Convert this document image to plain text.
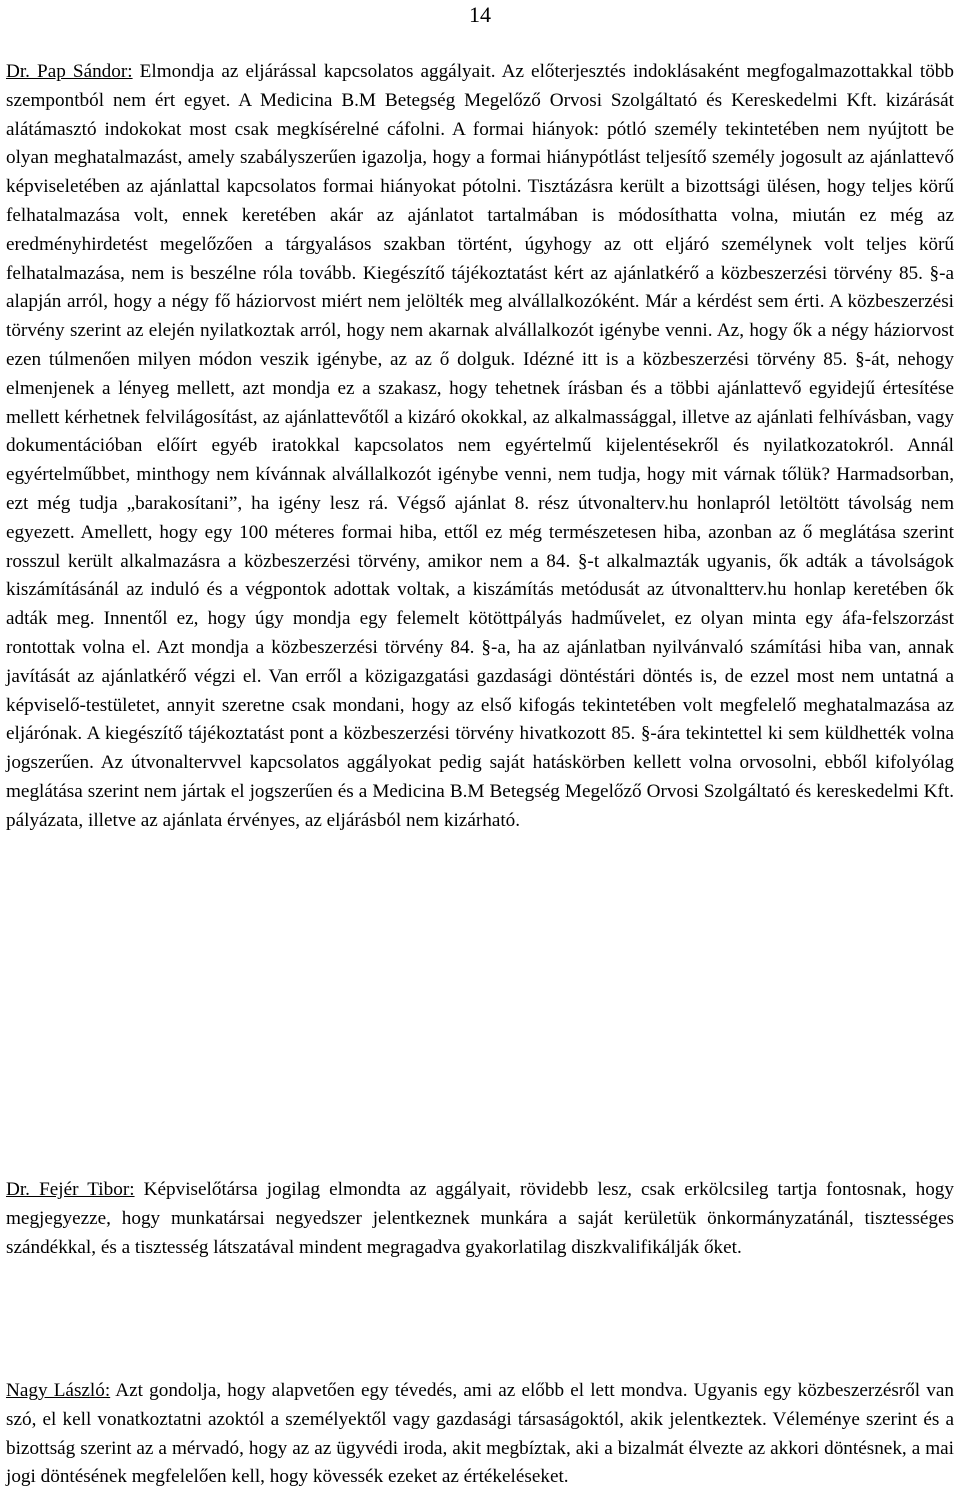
14

Dr. Pap Sándor: Elmondja az eljárással kapcsolatos aggályait. Az előterjesztés indoklásaként megfogalmazottakkal több szempontból nem ért egyet. A Medicina B.M Betegség Megelőző Orvosi Szolgáltató és Kereskedelmi Kft. kizárását alátámasztó indokokat most csak megkísérelné cáfolni. A formai hiányok: pótló személy tekintetében nem nyújtott be olyan meghatalmazást, amely szabályszerűen igazolja, hogy a formai hiánypótlást teljesítő személy jogosult az ajánlattevő képviseletében az ajánlattal kapcsolatos formai hiányokat pótolni. Tisztázásra került a bizottsági ülésen, hogy teljes körű felhatalmazása volt, ennek keretében akár az ajánlatot tartalmában is módosíthatta volna, miután ez még az eredményhirdetést megelőzően a tárgyalásos szakban történt, úgyhogy az ott eljáró személynek volt teljes körű felhatalmazása, nem is beszélne róla tovább. Kiegészítő tájékoztatást kért az ajánlatkérő a közbeszerzési törvény 85. §-a alapján arról, hogy a négy fő háziorvost miért nem jelölték meg alvállalkozóként. Már a kérdést sem érti. A közbeszerzési törvény szerint az elején nyilatkoztak arról, hogy nem akarnak alvállalkozót igénybe venni. Az, hogy ők a négy háziorvost ezen túlmenően milyen módon veszik igénybe, az az ő dolguk. Idézné itt is a közbeszerzési törvény 85. §-át, nehogy elmenjenek a lényeg mellett, azt mondja ez a szakasz, hogy tehetnek írásban és a többi ajánlattevő egyidejű értesítése mellett kérhetnek felvilágosítást, az ajánlattevőtől a kizáró okokkal, az alkalmassággal, illetve az ajánlati felhívásban, vagy dokumentációban előírt egyéb iratokkal kapcsolatos nem egyértelmű kijelentésekről és nyilatkozatokról. Annál egyértelműbbet, minthogy nem kívánnak alvállalkozót igénybe venni, nem tudja, hogy mit várnak tőlük? Harmadsorban, ezt még tudja „barakosítani”, ha igény lesz rá. Végső ajánlat 8. rész útvonalterv.hu honlapról letöltött távolság nem egyezett. Amellett, hogy egy 100 méteres formai hiba, ettől ez még természetesen hiba, azonban az ő meglátása szerint rosszul került alkalmazásra a közbeszerzési törvény, amikor nem a 84. §-t alkalmazták ugyanis, ők adták a távolságok kiszámításánál az induló és a végpontok adottak voltak, a kiszámítás metódusát az útvonaltterv.hu honlap keretében ők adták meg. Innentől ez, hogy úgy mondja egy felemelt kötöttpályás hadművelet, ez olyan minta egy áfa-felszorzást rontottak volna el. Azt mondja a közbeszerzési törvény 84. §-a, ha az ajánlatban nyilvánvaló számítási hiba van, annak javítását az ajánlatkérő végzi el. Van erről a közigazgatási gazdasági döntéstári döntés is, de ezzel most nem untatná a képviselő-testületet, annyit szeretne csak mondani, hogy az első kifogás tekintetében volt megfelelő meghatalmazása az eljárónak. A kiegészítő tájékoztatást pont a közbeszerzési törvény hivatkozott 85. §-ára tekintettel ki sem küldhették volna jogszerűen. Az útvonaltervvel kapcsolatos aggályokat pedig saját hatáskörben kellett volna orvosolni, ebből kifolyólag meglátása szerint nem jártak el jogszerűen és a Medicina B.M Betegség Megelőző Orvosi Szolgáltató és kereskedelmi Kft. pályázata, illetve az ajánlata érvényes, az eljárásból nem kizárható.

Dr. Fejér Tibor: Képviselőtársa jogilag elmondta az aggályait, rövidebb lesz, csak erkölcsileg tartja fontosnak, hogy megjegyezze, hogy munkatársai negyedszer jelentkeznek munkára a saját kerületük önkormányzatánál, tisztességes szándékkal, és a tisztesség látszatával mindent megragadva gyakorlatilag diszkvalifikálják őket.

Nagy László: Azt gondolja, hogy alapvetően egy tévedés, ami az előbb el lett mondva. Ugyanis egy közbeszerzésről van szó, el kell vonatkoztatni azoktól a személyektől vagy gazdasági társaságoktól, akik jelentkeztek. Véleménye szerint és a bizottság szerint az a mérvadó, hogy az az ügyvédi iroda, akit megbíztak, aki a bizalmát élvezte az akkori döntésnek, a mai jogi döntésének megfelelően kell, hogy kövessék ezeket az értékeléseket.
